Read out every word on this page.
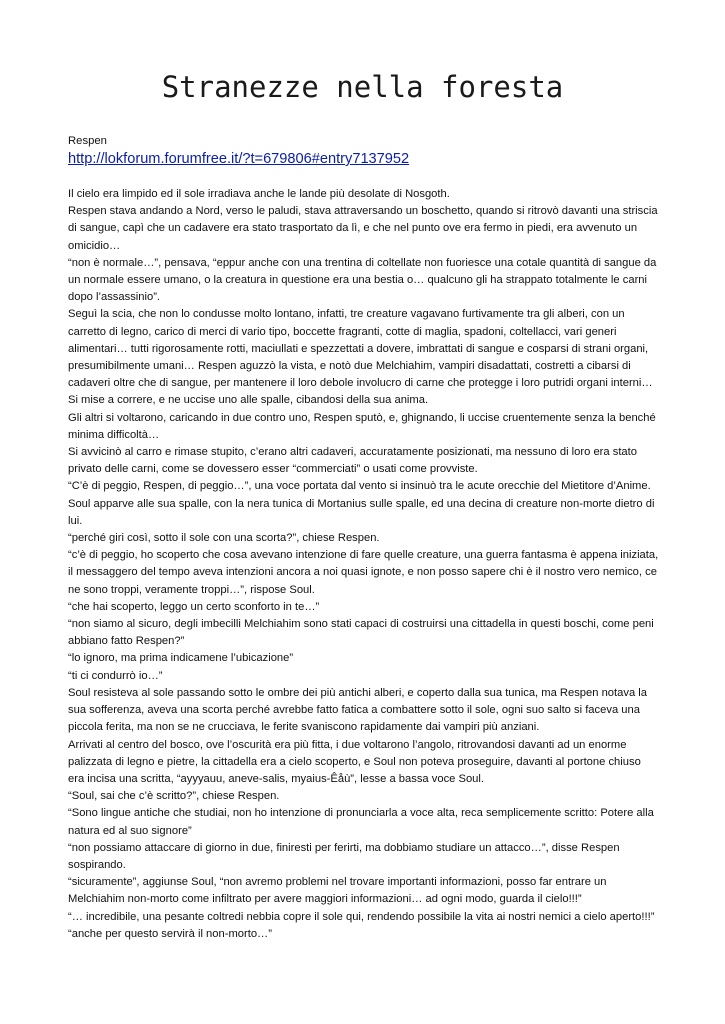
Stranezze nella foresta

Respen

http://lokforum.forumfree.it/?t=679806#entry7137952

Il cielo era limpido ed il sole irradiava anche le lande più desolate di Nosgoth.

Respen stava andando a Nord, verso le paludi, stava attraversando un boschetto, quando si ritrovò davanti una striscia di sangue, capì che un cadavere era stato trasportato da lì, e che nel punto ove era fermo in piedi, era avvenuto un omicidio…

“non è normale…”, pensava, “eppur anche con una trentina di coltellate non fuoriesce una cotale quantità di sangue da un normale essere umano, o la creatura in questione era una bestia o… qualcuno gli ha strappato totalmente le carni dopo l’assassinio”.

Seguì la scia, che non lo condusse molto lontano, infatti, tre creature vagavano furtivamente tra gli alberi, con un carretto di legno, carico di merci di vario tipo, boccette fragranti, cotte di maglia, spadoni, coltellacci, vari generi alimentari… tutti rigorosamente rotti, maciullati e spezzettati a dovere, imbrattati di sangue e cosparsi di strani organi, presumibilmente umani… Respen aguzzò la vista, e notò due Melchiahim, vampiri disadattati, costretti a cibarsi di cadaveri oltre che di sangue, per mantenere il loro debole involucro di carne che protegge i loro putridi organi interni…

Si mise a correre, e ne uccise uno alle spalle, cibandosi della sua anima.

Gli altri si voltarono, caricando in due contro uno, Respen sputò, e, ghignando, li uccise cruentemente senza la benché minima difficoltà…

Si avvicinò al carro e rimase stupito, c’erano altri cadaveri, accuratamente posizionati, ma nessuno di loro era stato privato delle carni, come se dovessero esser “commerciati” o usati come provviste.

“C’è di peggio, Respen, di peggio…”, una voce portata dal vento si insinuò tra le acute orecchie del Mietitore d’Anime. Soul apparve alle sua spalle, con la nera tunica di Mortanius sulle spalle, ed una decina di creature non-morte dietro di lui.

“perché giri così, sotto il sole con una scorta?”, chiese Respen.

“c’è di peggio, ho scoperto che cosa avevano intenzione di fare quelle creature, una guerra fantasma è appena iniziata, il messaggero del tempo aveva intenzioni ancora a noi quasi ignote, e non posso sapere chi è il nostro vero nemico, ce ne sono troppi, veramente troppi…”, rispose Soul.

“che hai scoperto, leggo un certo sconforto in te…”

“non siamo al sicuro, degli imbecilli Melchiahim sono stati capaci di costruirsi una cittadella in questi boschi, come peni abbiano fatto Respen?”

“lo ignoro, ma prima indicamene l’ubicazione”

“ti ci condurrò io…”

Soul resisteva al sole passando sotto le ombre dei più antichi alberi, e coperto dalla sua tunica, ma Respen notava la sua sofferenza, aveva una scorta perché avrebbe fatto fatica a combattere sotto il sole, ogni suo salto si faceva una piccola ferita, ma non se ne crucciava, le ferite svaniscono rapidamente dai vampiri più anziani.

Arrivati al centro del bosco, ove l’oscurità era più fitta, i due voltarono l’angolo, ritrovandosi davanti ad un enorme palizzata di legno e pietre, la cittadella era a cielo scoperto, e Soul non poteva proseguire, davanti al portone chiuso era incisa una scritta, “ayyyauu, aneve-salis, myaius-Êåù”, lesse a bassa voce Soul.

“Soul, sai che c’è scritto?”, chiese Respen.

“Sono lingue antiche che studiai, non ho intenzione di pronunciarla a voce alta, reca semplicemente scritto: Potere alla natura ed al suo signore”

“non possiamo attaccare di giorno in due, finiresti per ferirti, ma dobbiamo studiare un attacco…”, disse Respen sospirando.

“sicuramente”, aggiunse Soul, “non avremo problemi nel trovare importanti informazioni, posso far entrare un Melchiahim non-morto come infiltrato per avere maggiori informazioni… ad ogni modo, guarda il cielo!!!”

“… incredibile, una pesante coltredi nebbia copre il sole qui, rendendo possibile la vita ai nostri nemici a cielo aperto!!!”

“anche per questo servirà il non-morto…”
